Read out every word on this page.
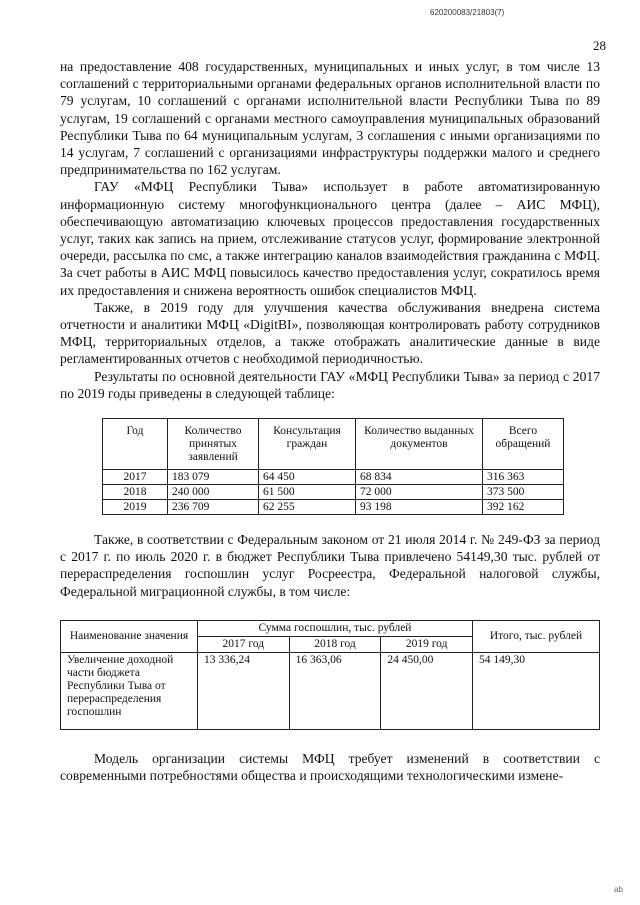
620200083/21803(7)
28

на предоставление 408 государственных, муниципальных и иных услуг, в том числе 13 соглашений с территориальными органами федеральных органов исполнительной власти по 79 услугам, 10 соглашений с органами исполнительной власти Республики Тыва по 89 услугам, 19 соглашений с органами местного самоуправления муниципальных образований Республики Тыва по 64 муниципальным услугам, 3 соглашения с иными организациями по 14 услугам, 7 соглашений с организациями инфраструктуры поддержки малого и среднего предпринимательства по 162 услугам.

ГАУ «МФЦ Республики Тыва» использует в работе автоматизированную информационную систему многофункционального центра (далее – АИС МФЦ), обеспечивающую автоматизацию ключевых процессов предоставления государственных услуг, таких как запись на прием, отслеживание статусов услуг, формирование электронной очереди, рассылка по смс, а также интеграцию каналов взаимодействия гражданина с МФЦ. За счет работы в АИС МФЦ повысилось качество предоставления услуг, сократилось время их предоставления и снижена вероятность ошибок специалистов МФЦ.

Также, в 2019 году для улучшения качества обслуживания внедрена система отчетности и аналитики МФЦ «DigitBI», позволяющая контролировать работу сотрудников МФЦ, территориальных отделов, а также отображать аналитические данные в виде регламентированных отчетов с необходимой периодичностью.

Результаты по основной деятельности ГАУ «МФЦ Республики Тыва» за период с 2017 по 2019 годы приведены в следующей таблице:

Год	Количество принятых заявлений	Консультация граждан	Количество выданных документов	Всего обращений
2017	183 079	64 450	68 834	316 363
2018	240 000	61 500	72 000	373 500
2019	236 709	62 255	93 198	392 162

Также, в соответствии с Федеральным законом от 21 июля 2014 г. № 249-ФЗ за период с 2017 г. по июль 2020 г. в бюджет Республики Тыва привлечено 54149,30 тыс. рублей от перераспределения госпошлин услуг Росреестра, Федеральной налоговой службы, Федеральной миграционной службы, в том числе:

Наименование значения	Сумма госпошлин, тыс. рублей			Итого, тыс. рублей
	2017 год	2018 год	2019 год	
Увеличение доходной части бюджета Республики Тыва от перераспределения госпошлин	13 336,24	16 363,06	24 450,00	54 149,30

Модель организации системы МФЦ требует изменений в соответствии с современными потребностями общества и происходящими технологическими измене-

ab
